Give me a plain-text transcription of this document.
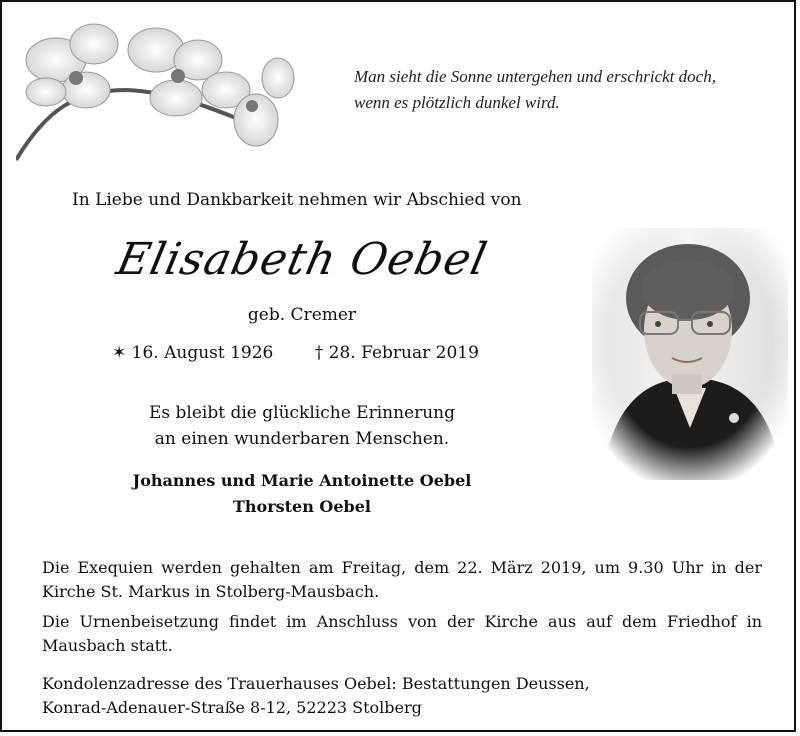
Man sieht die Sonne untergehen und erschrickt doch,
wenn es plötzlich dunkel wird.
In Liebe und Dankbarkeit nehmen wir Abschied von
Elisabeth Oebel
geb. Cremer
✶ 16. August 1926 † 28. Februar 2019
Es bleibt die glückliche Erinnerung
an einen wunderbaren Menschen.
Johannes und Marie Antoinette Oebel
Thorsten Oebel
Die Exequien werden gehalten am Freitag, dem 22. März 2019, um 9.30 Uhr in der Kirche St. Markus in Stolberg-Mausbach.
Die Urnenbeisetzung findet im Anschluss von der Kirche aus auf dem Friedhof in Mausbach statt.
Kondolenzadresse des Trauerhauses Oebel: Bestattungen Deussen,
Konrad-Adenauer-Straße 8-12, 52223 Stolberg
